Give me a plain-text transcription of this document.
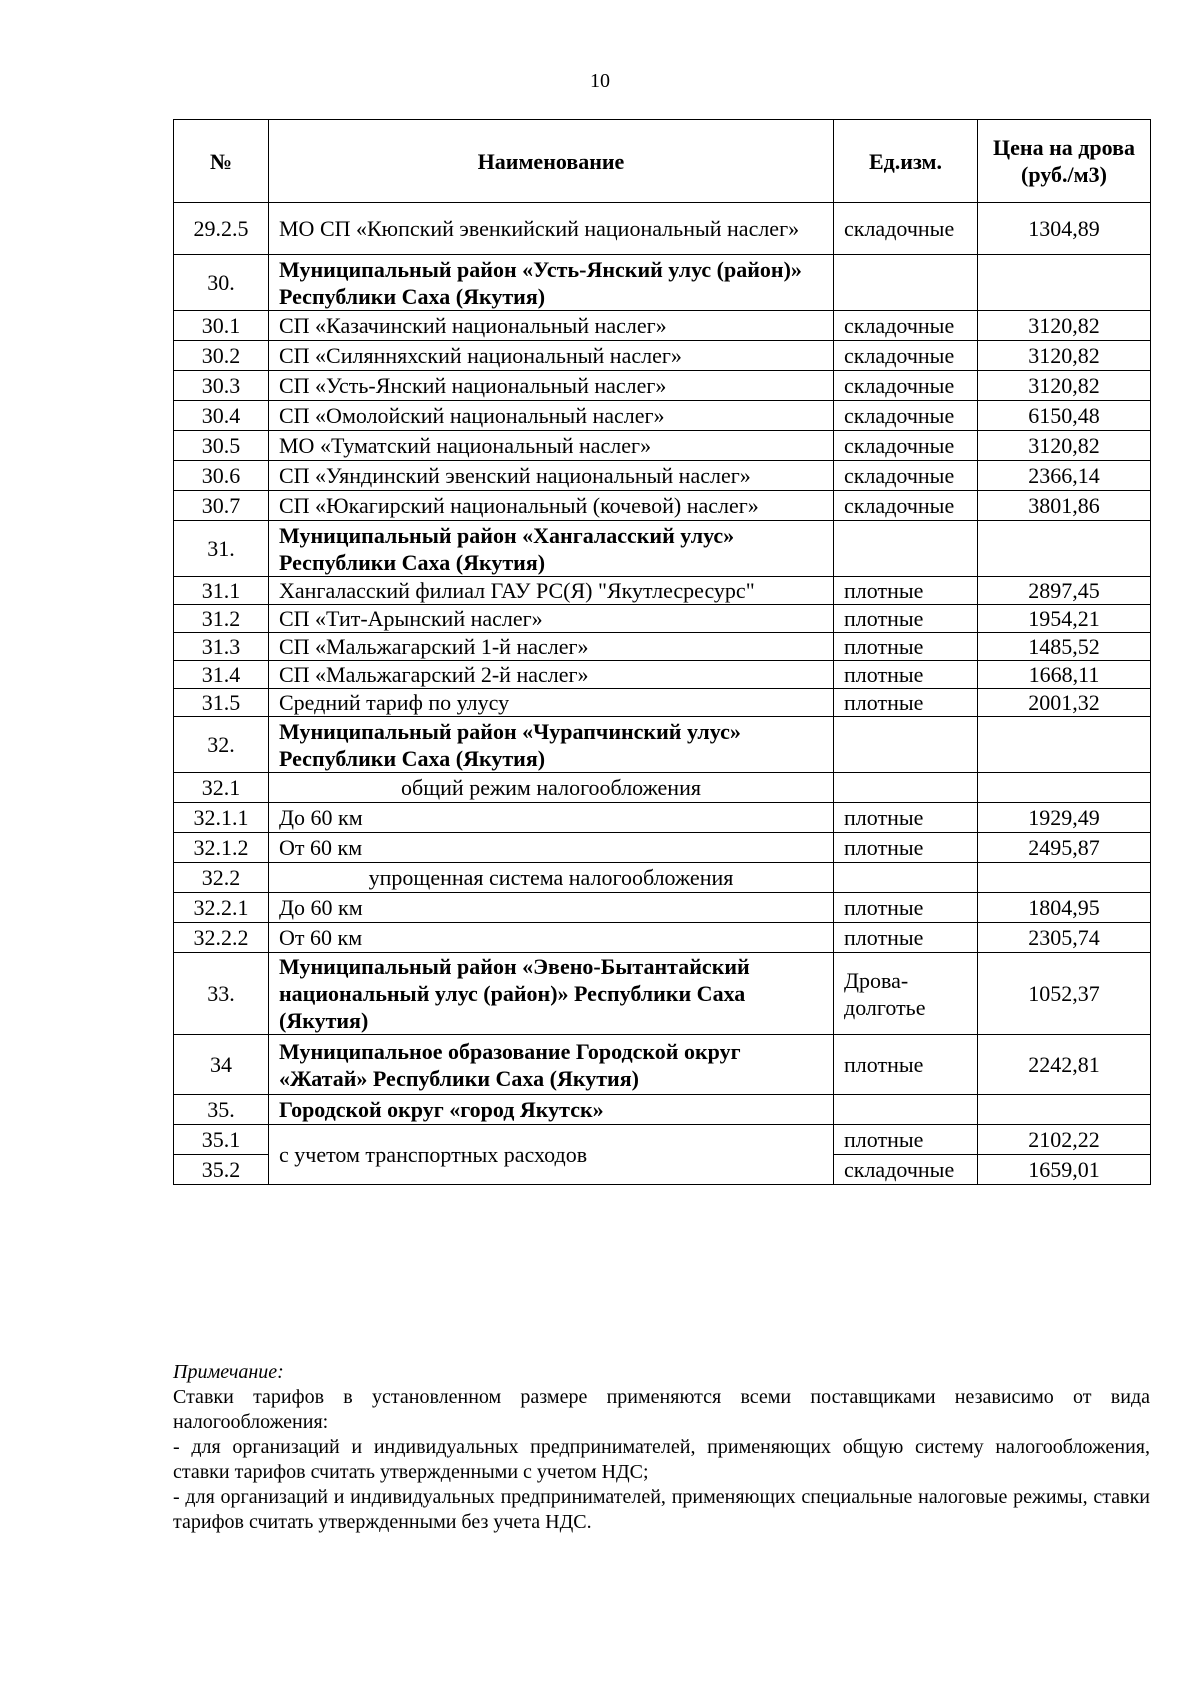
10
№	Наименование	Ед.изм.	Цена на дрова (руб./м3)
29.2.5	МО СП «Кюпский эвенкийский национальный наслег»	складочные	1304,89
30.	Муниципальный район «Усть-Янский улус (район)» Республики Саха (Якутия)		
30.1	СП «Казачинский национальный наслег»	складочные	3120,82
30.2	СП «Силянняхский национальный наслег»	складочные	3120,82
30.3	СП «Усть-Янский национальный наслег»	складочные	3120,82
30.4	СП «Омолойский национальный наслег»	складочные	6150,48
30.5	МО «Туматский национальный наслег»	складочные	3120,82
30.6	СП «Уяндинский эвенский национальный наслег»	складочные	2366,14
30.7	СП «Юкагирский национальный (кочевой) наслег»	складочные	3801,86
31.	Муниципальный район «Хангаласский улус» Республики Саха (Якутия)		
31.1	Хангаласский филиал ГАУ РС(Я) "Якутлесресурс"	плотные	2897,45
31.2	СП «Тит-Арынский наслег»	плотные	1954,21
31.3	СП «Мальжагарский 1-й наслег»	плотные	1485,52
31.4	СП «Мальжагарский 2-й наслег»	плотные	1668,11
31.5	Средний тариф по улусу	плотные	2001,32
32.	Муниципальный район «Чурапчинский улус» Республики Саха (Якутия)		
32.1	общий режим налогообложения		
32.1.1	До 60 км	плотные	1929,49
32.1.2	От 60 км	плотные	2495,87
32.2	упрощенная система налогообложения		
32.2.1	До 60 км	плотные	1804,95
32.2.2	От 60 км	плотные	2305,74
33.	Муниципальный район «Эвено-Бытантайский национальный улус (район)» Республики Саха (Якутия)	Дрова-долготье	1052,37
34	Муниципальное образование Городской округ «Жатай» Республики Саха (Якутия)	плотные	2242,81
35.	Городской округ «город Якутск»		
35.1	с учетом транспортных расходов	плотные	2102,22
35.2		складочные	1659,01

Примечание:

Ставки тарифов в установленном размере применяются всеми поставщиками независимо от вида налогообложения:

- для организаций и индивидуальных предпринимателей, применяющих общую систему налогообложения, ставки тарифов считать утвержденными с учетом НДС;

- для организаций и индивидуальных предпринимателей, применяющих специальные налоговые режимы, ставки тарифов считать утвержденными без учета НДС.
